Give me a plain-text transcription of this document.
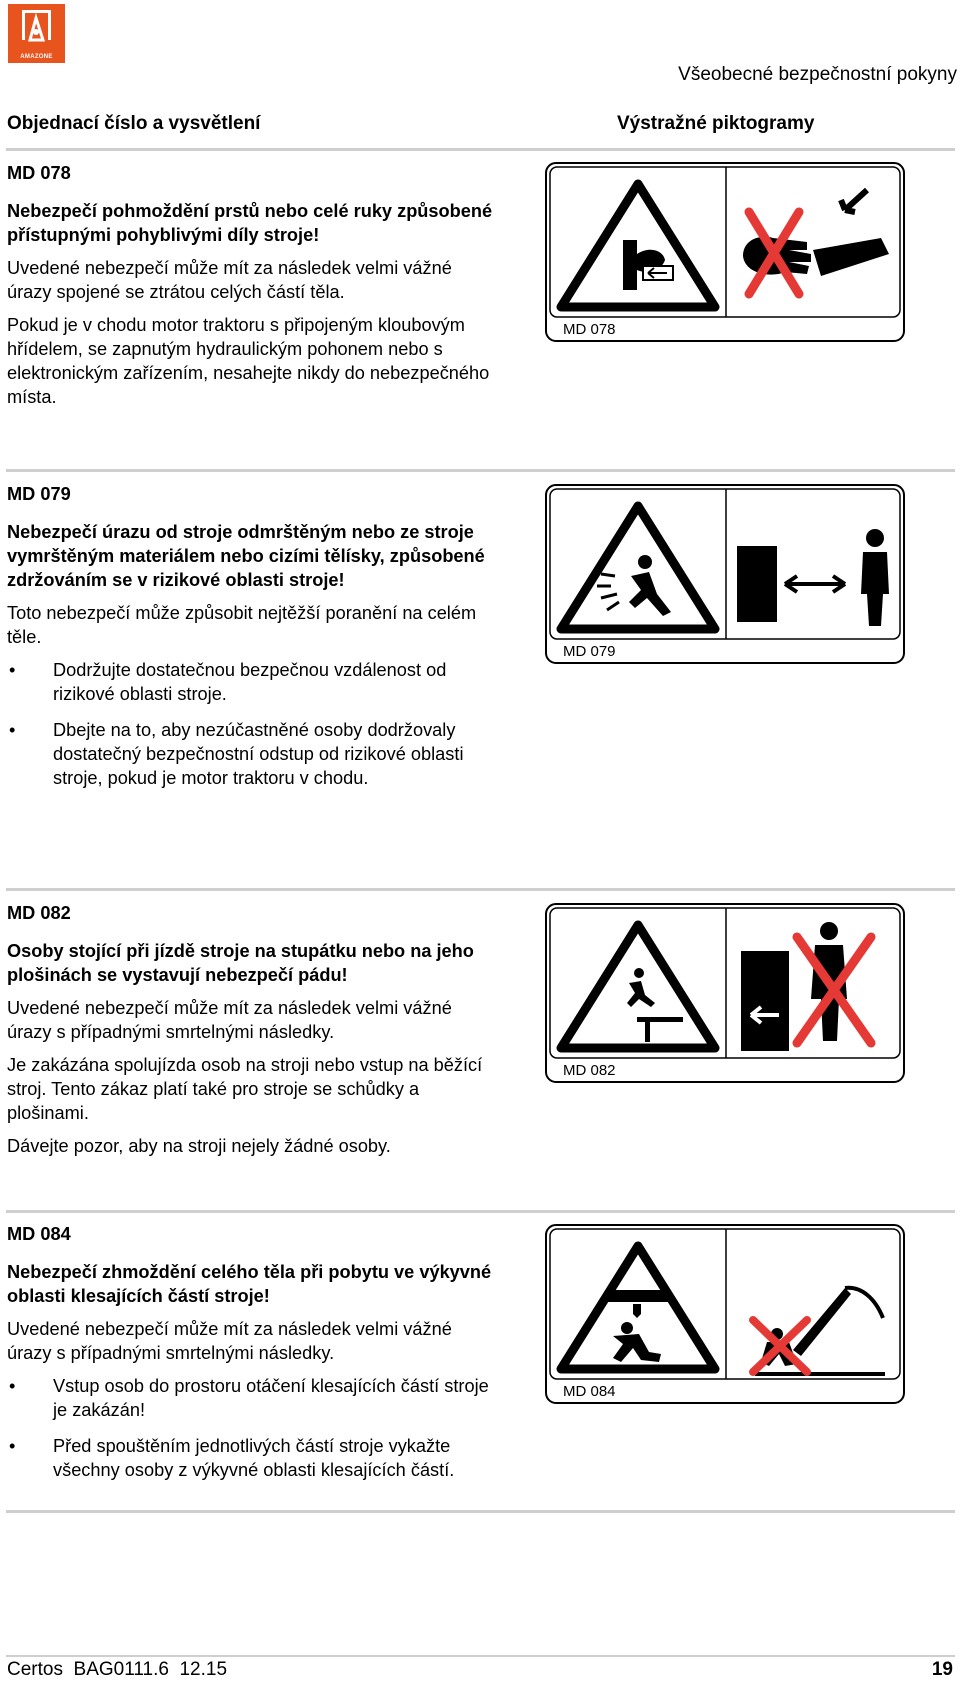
AMAZONE
Všeobecné bezpečnostní pokyny
Objednací číslo a vysvětlení	Výstražné piktogramy
MD 078
Nebezpečí pohmoždění prstů nebo celé ruky způsobené přístupnými pohyblivými díly stroje!

Uvedené nebezpečí může mít za následek velmi vážné úrazy spojené se ztrátou celých částí těla.

Pokud je v chodu motor traktoru s připojeným kloubovým hřídelem, se zapnutým hydraulickým pohonem nebo s elektronickým zařízením, nesahejte nikdy do nebezpečného místa.

MD 078
MD 079
Nebezpečí úrazu od stroje odmrštěným nebo ze stroje vymrštěným materiálem nebo cizími tělísky, způsobené zdržováním se v rizikové oblasti stroje!

Toto nebezpečí může způsobit nejtěžší poranění na celém těle.

• Dodržujte dostatečnou bezpečnou vzdálenost od rizikové oblasti stroje.
• Dbejte na to, aby nezúčastněné osoby dodržovaly dostatečný bezpečnostní odstup od rizikové oblasti stroje, pokud je motor traktoru v chodu.
MD 079
MD 082
Osoby stojící při jízdě stroje na stupátku nebo na jeho plošinách se vystavují nebezpečí pádu!

Uvedené nebezpečí může mít za následek velmi vážné úrazy s případnými smrtelnými následky.

Je zakázána spolujízda osob na stroji nebo vstup na běžící stroj. Tento zákaz platí také pro stroje se schůdky a plošinami.

Dávejte pozor, aby na stroji nejely žádné osoby.

MD 082
MD 084
Nebezpečí zhmoždění celého těla při pobytu ve výkyvné oblasti klesajících částí stroje!

Uvedené nebezpečí může mít za následek velmi vážné úrazy s případnými smrtelnými následky.

• Vstup osob do prostoru otáčení klesajících částí stroje je zakázán!
• Před spouštěním jednotlivých částí stroje vykažte všechny osoby z výkyvné oblasti klesajících částí.
MD 084
Certos  BAG0111.6  12.15	19
